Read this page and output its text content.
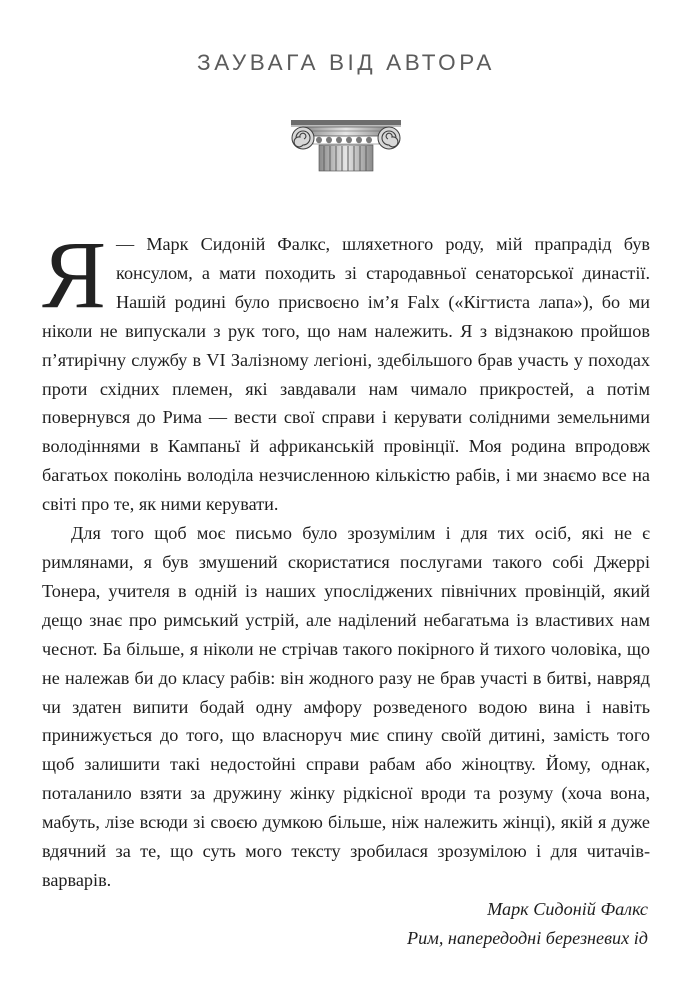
ЗАУВАГА ВІД АВТОРА

Я — Марк Сидоній Фалкс, шляхетного роду, мій прапрадід був консулом, а мати походить зі стародавньої сенаторської династії. Нашій родині було присвоєно ім’я Falx («Кігтиста лапа»), бо ми ніколи не випускали з рук того, що нам належить. Я з відзнакою пройшов п’ятирічну службу в VI Залізному легіоні, здебільшого брав участь у походах проти східних племен, які завдавали нам чимало прикростей, а потім повернувся до Рима — вести свої справи і керувати солідними земельними володіннями в Кампаньї й африканській провінції. Моя родина впродовж багатьох поколінь володіла незчисленною кількістю рабів, і ми знаємо все на світі про те, як ними керувати.

Для того щоб моє письмо було зрозумілим і для тих осіб, які не є римлянами, я був змушений скористатися послугами такого собі Джеррі Тонера, учителя в одній із наших упосліджених північних провінцій, який дещо знає про римський устрій, але наділений небагатьма із властивих нам чеснот. Ба більше, я ніколи не стрічав такого покірного й тихого чоловіка, що не належав би до класу рабів: він жодного разу не брав участі в битві, навряд чи здатен випити бодай одну амфору розведеного водою вина і навіть принижується до того, що власноруч миє спину своїй дитині, замість того щоб залишити такі недостойні справи рабам або жіноцтву. Йому, однак, поталанило взяти за дружину жінку рідкісної вроди та розуму (хоча вона, мабуть, лізе всюди зі своєю думкою більше, ніж належить жінці), якій я дуже вдячний за те, що суть мого тексту зробилася зрозумілою і для читачів-варварів.

Марк Сидоній Фалкс
Рим, напередодні березневих ід
